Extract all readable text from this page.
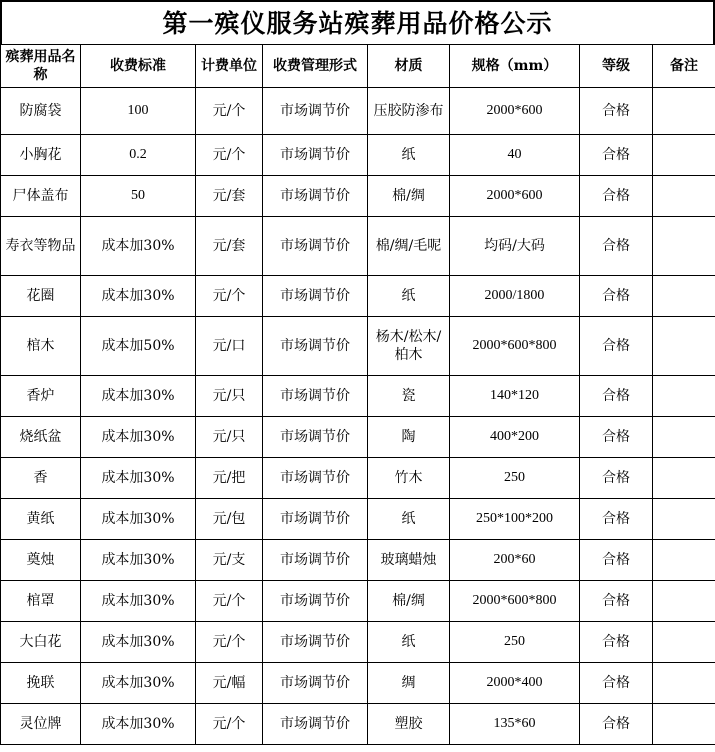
第一殡仪服务站殡葬用品价格公示
殡葬用品名称	收费标准	计费单位	收费管理形式	材质	规格（mm）	等级	备注
防腐袋	100	元/个	市场调节价	压胶防渗布	2000*600	合格	
小胸花	0.2	元/个	市场调节价	纸	40	合格	
尸体盖布	50	元/套	市场调节价	棉/绸	2000*600	合格	
寿衣等物品	成本加30%	元/套	市场调节价	棉/绸/毛呢	均码/大码	合格	
花圈	成本加30%	元/个	市场调节价	纸	2000/1800	合格	
棺木	成本加50%	元/口	市场调节价	杨木/松木/柏木	2000*600*800	合格	
香炉	成本加30%	元/只	市场调节价	瓷	140*120	合格	
烧纸盆	成本加30%	元/只	市场调节价	陶	400*200	合格	
香	成本加30%	元/把	市场调节价	竹木	250	合格	
黄纸	成本加30%	元/包	市场调节价	纸	250*100*200	合格	
奠烛	成本加30%	元/支	市场调节价	玻璃蜡烛	200*60	合格	
棺罩	成本加30%	元/个	市场调节价	棉/绸	2000*600*800	合格	
大白花	成本加30%	元/个	市场调节价	纸	250	合格	
挽联	成本加30%	元/幅	市场调节价	绸	2000*400	合格	
灵位牌	成本加30%	元/个	市场调节价	塑胶	135*60	合格	
